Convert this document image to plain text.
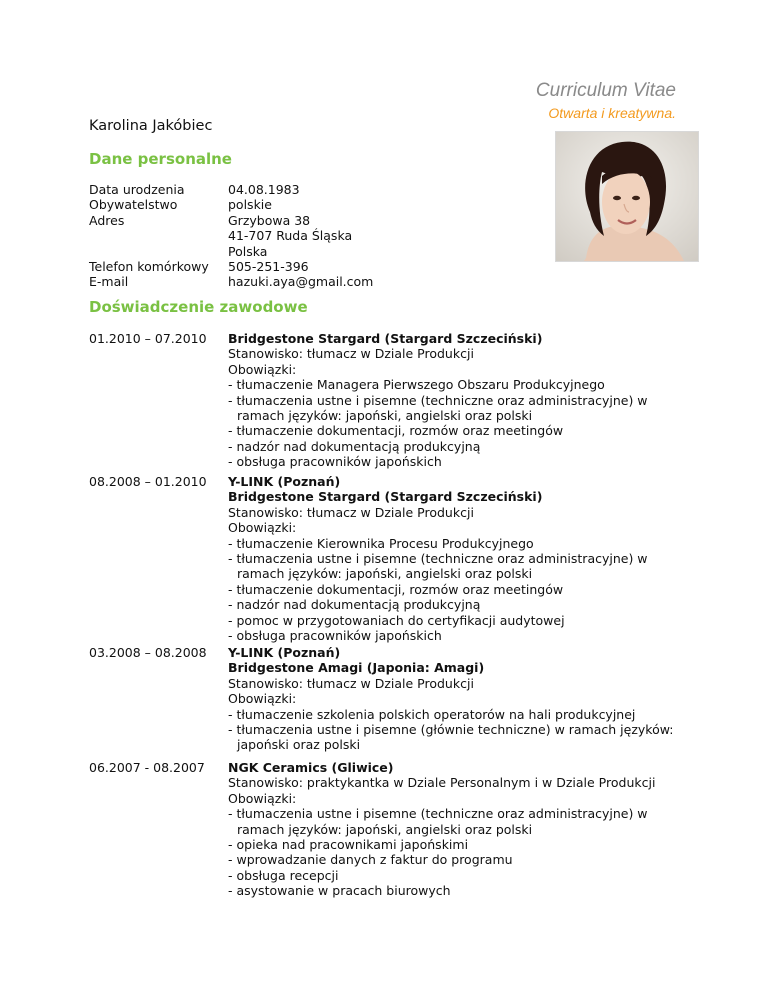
Curriculum Vitae
Otwarta i kreatywna.
Karolina Jakóbiec
Dane personalne
Data urodzenia	04.08.1983
Obywatelstwo	polskie
Adres	Grzybowa 38
41-707 Ruda Śląska
Polska
Telefon komórkowy	505-251-396
E-mail	hazuki.aya@gmail.com
Doświadczenie zawodowe
01.2010 – 07.2010	Bridgestone Stargard (Stargard Szczeciński)
Stanowisko: tłumacz w Dziale Produkcji
Obowiązki:
- tłumaczenie Managera Pierwszego Obszaru Produkcyjnego
- tłumaczenia ustne i pisemne (techniczne oraz administracyjne) w ramach języków: japoński, angielski oraz polski
- tłumaczenie dokumentacji, rozmów oraz meetingów
- nadzór nad dokumentacją produkcyjną
- obsługa pracowników japońskich
08.2008 – 01.2010	Y-LINK (Poznań)
Bridgestone Stargard (Stargard Szczeciński)
Stanowisko: tłumacz w Dziale Produkcji
Obowiązki:
- tłumaczenie Kierownika Procesu Produkcyjnego
- tłumaczenia ustne i pisemne (techniczne oraz administracyjne) w ramach języków: japoński, angielski oraz polski
- tłumaczenie dokumentacji, rozmów oraz meetingów
- nadzór nad dokumentacją produkcyjną
- pomoc w przygotowaniach do certyfikacji audytowej
- obsługa pracowników japońskich
03.2008 – 08.2008	Y-LINK (Poznań)
Bridgestone Amagi (Japonia: Amagi)
Stanowisko: tłumacz w Dziale Produkcji
Obowiązki:
- tłumaczenie szkolenia polskich operatorów na hali produkcyjnej
- tłumaczenia ustne i pisemne (głównie techniczne) w ramach języków: japoński oraz polski
06.2007 - 08.2007	NGK Ceramics (Gliwice)
Stanowisko: praktykantka w Dziale Personalnym i w Dziale Produkcji
Obowiązki:
- tłumaczenia ustne i pisemne (techniczne oraz administracyjne) w ramach języków: japoński, angielski oraz polski
- opieka nad pracownikami japońskimi
- wprowadzanie danych z faktur do programu
- obsługa recepcji
- asystowanie w pracach biurowych
